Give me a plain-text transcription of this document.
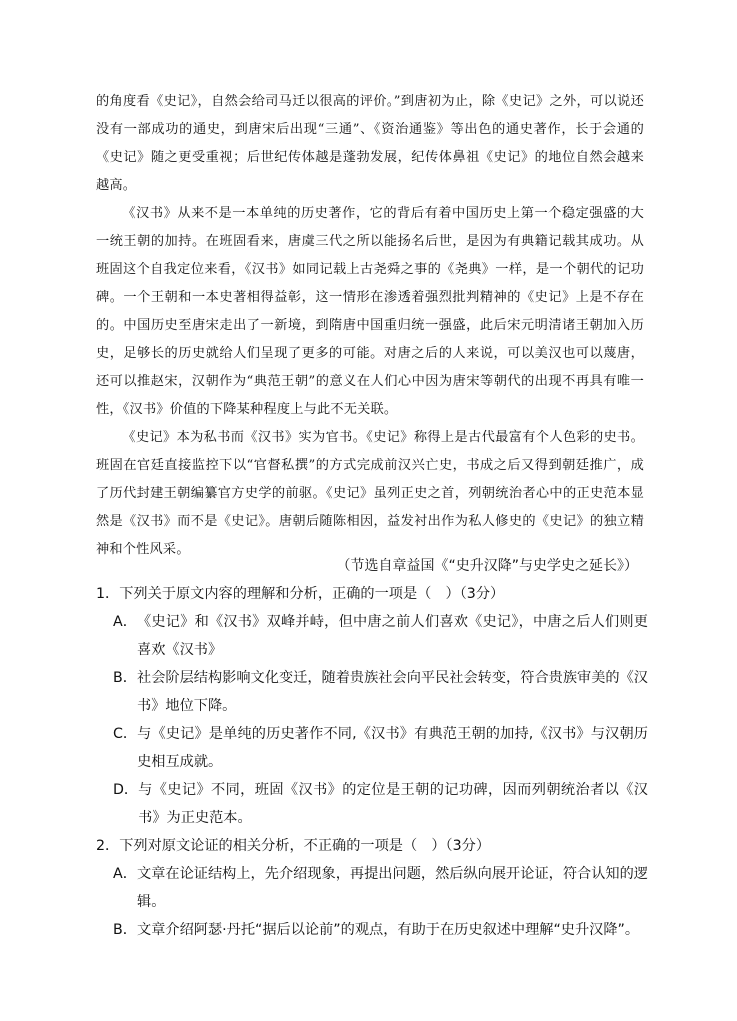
的角度看《史记》，自然会给司马迁以很高的评价。”到唐初为止，除《史记》之外，可以说还没有一部成功的通史，到唐宋后出现“三通”、《资治通鉴》等出色的通史著作，长于会通的《史记》随之更受重视；后世纪传体越是蓬勃发展，纪传体鼻祖《史记》的地位自然会越来越高。

《汉书》从来不是一本单纯的历史著作，它的背后有着中国历史上第一个稳定强盛的大一统王朝的加持。在班固看来，唐虞三代之所以能扬名后世，是因为有典籍记载其成功。从班固这个自我定位来看，《汉书》如同记载上古尧舜之事的《尧典》一样，是一个朝代的记功碑。一个王朝和一本史著相得益彰，这一情形在渗透着强烈批判精神的《史记》上是不存在的。中国历史至唐宋走出了一新境，到隋唐中国重归统一强盛，此后宋元明清诸王朝加入历史，足够长的历史就给人们呈现了更多的可能。对唐之后的人来说，可以美汉也可以蔑唐，还可以推赵宋，汉朝作为“典范王朝”的意义在人们心中因为唐宋等朝代的出现不再具有唯一性，《汉书》价值的下降某种程度上与此不无关联。

《史记》本为私书而《汉书》实为官书。《史记》称得上是古代最富有个人色彩的史书。班固在官廷直接监控下以“官督私撰”的方式完成前汉兴亡史，书成之后又得到朝廷推广，成了历代封建王朝编纂官方史学的前驱。《史记》虽列正史之首，列朝统治者心中的正史范本显然是《汉书》而不是《史记》。唐朝后随陈相因，益发衬出作为私人修史的《史记》的独立精神和个性风采。

（节选自章益国《“史升汉降”与史学史之延长》）

1．下列关于原文内容的理解和分析，正确的一项是（　）（3分）

A． 《史记》和《汉书》双峰并峙，但中唐之前人们喜欢《史记》，中唐之后人们则更喜欢《汉书》
B． 社会阶层结构影响文化变迁，随着贵族社会向平民社会转变，符合贵族审美的《汉书》地位下降。
C． 与《史记》是单纯的历史著作不同,《汉书》有典范王朝的加持,《汉书》与汉朝历史相互成就。
D． 与《史记》不同，班固《汉书》的定位是王朝的记功碑，因而列朝统治者以《汉书》为正史范本。

2．下列对原文论证的相关分析，不正确的一项是（　）（3分）

A． 文章在论证结构上，先介绍现象，再提出问题，然后纵向展开论证，符合认知的逻辑。
B． 文章介绍阿瑟·丹托“据后以论前”的观点，有助于在历史叙述中理解“史升汉降”。
